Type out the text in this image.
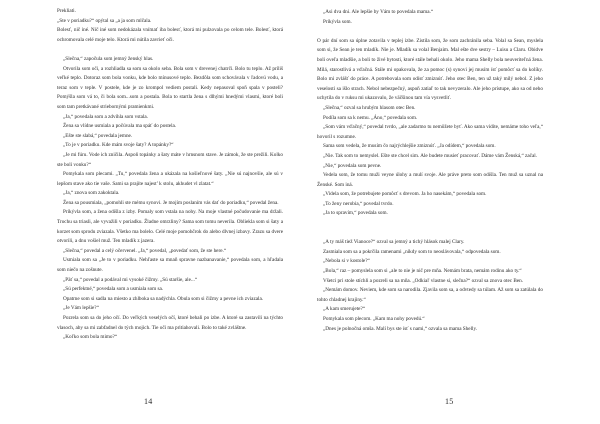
Prekliati.
„Ste v poriadku?“ opýtal sa „a ja som mlčala.
Bolesť, nič iné. Nič iné som nedokázala vnímať iba bolesť, ktorá mi pulzovala po celom tele. Bolesť, ktorá ochromovala celé moje telo. Ktorá mi nútila zavrieť oči.
„Slečna,“ započula som jemný ženský hlas.
Otvorila som oči, a rozhliadla sa som sa okolo seba. Bola som v drevenej chatrči. Bolo tu teplo. Až príliš veľké teplo. Dotoraz som bola vonku, kde bolo mínusové teplo. Bezdôla som schovávala v ľadovú vodu, a teraz som v teple. V postele, kde je zo krompol vediem postali. Kedy nepasoval spoň spala v posteli? Pomýšla som vá to, či bola som...som a postala. Bola to startla žena s dlhými hnedými vlasmi, ktoré boli som tam pretkávané striebornými pramienkmi.
„Ja,“ povedala som a zdvihla som vstala.
Žena sa vlídne usmiala a počúvala ma spáť do postela.
„Ešte ste slabá,“ povedala jemne.
„To je v poriadku. Kde mám svoje šaty? A topánky?“
„Je mi fúru. Vode ich zničila. Aspoň topánky a šaty máte v hrnsnom stave. Je zámok, že ste prežili. Kolko ste boli vonku?“
Pomykala som plecami. „Tu,“ povedala žena a ukázala na košieľnové šaty. „Nie sú najnovšie, ale sú v lepšom stave ako tie vaše. Sami sa prajíte najest’ k stolu, akhudet vl zlatat.“
„Ja,“ znova som zakoktala.
Žena sa pousmiala, „pomohli ste mému synovi. Je mojím poslaním vás dať do poriadku,“ povedal žena.
Prikývla som, a žena odišla z izby. Pomaly som vstala na nohy. Na moje vlastné počudovanie ma držali. Trochu sa triasli, ale vyvažili v poriadku. Žladne omrzliny? Sama som tomu neverila. Obliekla som si šaty a korzet som sprodu zviazala. Všetko ma bolelo. Celé moje pomohčrok do alebo dlvnej izbavy. Zrazu sa dvere otvorili, a dnu vošiel muž. Ten mladík z jazera.
„Slečna,“ povedal a celý očervenel. „Ja,“ povedal, „povedať som, že ste here.“
Usmiala som sa „Je to v poriadku. Nehľaste sa mnaň spravne nazbanavanie,“ povedala som, a hľadala som niečo na zošnute.
„Päť sa,“ povedal a podával mi vysoké čižmy. „Sú staršie, ale...“
„Sú perfektné,“ povedala som a usmiala som sa.
Opatrne som si sadla na miesto a zhlboka sa nadýchla. Obula som si čižmy a pevne ich zviazala.
„Je Vám lepšie?“
Pozrela som sa do jeho očí. Do veľkých veselých očí, ktoré behali po izbe. A ktoré sa zastavili na týchto vlasoch, aby sa mi zabfadnel do tých mojich. Tie oči ma pritiahovali. Bolo to také zvláštne.
„Koľko som bola mimo?“
14
„Asi dva dni. Ale lepšie by Vám to povedala mama.“
Prikývla som.
O pár dní som sa úplne zotavila v teplej izbe. Zistila som, že som zachránila seba. Volal sa Sean, myslela som si, že Sean je ten mladík. Nie je. Mladík sa volal Benjaim. Mal ešte dve sestry – Luisu a Claru. Obidve boli oveľa mladšie, a boli to živé bytosti, ktoré stále behali okolo. Jeho mama Shelly bola neuveriteľná žena. Milá, starostlivá a vďačná. Stále mi opakovala, že za pomoc (s) synovi jej musím ísť pomôcť sa do kolíky. Bolo mi zvlášť do práce. A potrebovala som odísť zmiznúť. Jeho otec Ben, ten už taký milý nebol. Z jeho veselosti sa išlo strach. Nebol nebezpečný, aspoň zatiaľ to tak nevyzeralo. Ale jeho prístupe, ako sa od neho uchytila do v ruksu mi ukazovalo, že väčšinou tam vía vysvetliť.
„Slečna,“ ozval sa hrubým hlasom otec Ben.
Podíla som sa k nemu. „Áno,“ povedala som.
„Som vám vďačný,“ povedal tvrdo, „ale zadarmo tu nemôžete byť. Ako sama vidíte, nemáme toho veľa,“ hovoril s rozumne.
Sama som vedela, že musím čo najrýchlejšie zmiznúť. „Ja odídem,“ povedala som.
„Nie. Tak som to nemyslel. Ešte ste chcel sim. Ale budete musieť pracovať. Dáme vám Ženská,“ začal.
„Nie,“ povedala som pevne.
Vedela som, že tomu muži veyne úlohy a mulí svoje. Ale práve preto som odišla. Ten muž sa uznal na Ženské. Som iná.
„Videla som, že potrebujete pomôcť s drevom. Ja ho nasekám,“ povedala som.
„To ženy nerobia,“ povedal tvrdo.
„Ja to spravím,“ povedala som.
„A ty máš tiež Vianoce?“ ozval sa jemný a tichý hlások malej Clary.
Zasmiala som sa a pokrčila ramenami „nikdy som to neoslávovala,“ odpovedala som.
„Nebola si v kostole?“
„Bola,“ raz – pomyslela som si „ale to nie je nič pre mňa. Nemám brata, nemám rodinu ako ty.“
Všetci pri stole stíchli a pozreli sa na mňa. „Odkiaľ vlastne si, slečna?“ ozval sa znova otec Ben.
„Nemám domov. Neviem, kde som sa narodila. Zjavila som sa, a odvtedy sa túlam. Až som sa zatúlala do tohto chladnej krajiny.“
„A kam smerujete?“
Pomykala som plecom. „Kam ma nohy povedú.“
„Dnes je polnočná omša. Malí bys ste ísť s nami,“ ozvala sa mama Shelly.
15
